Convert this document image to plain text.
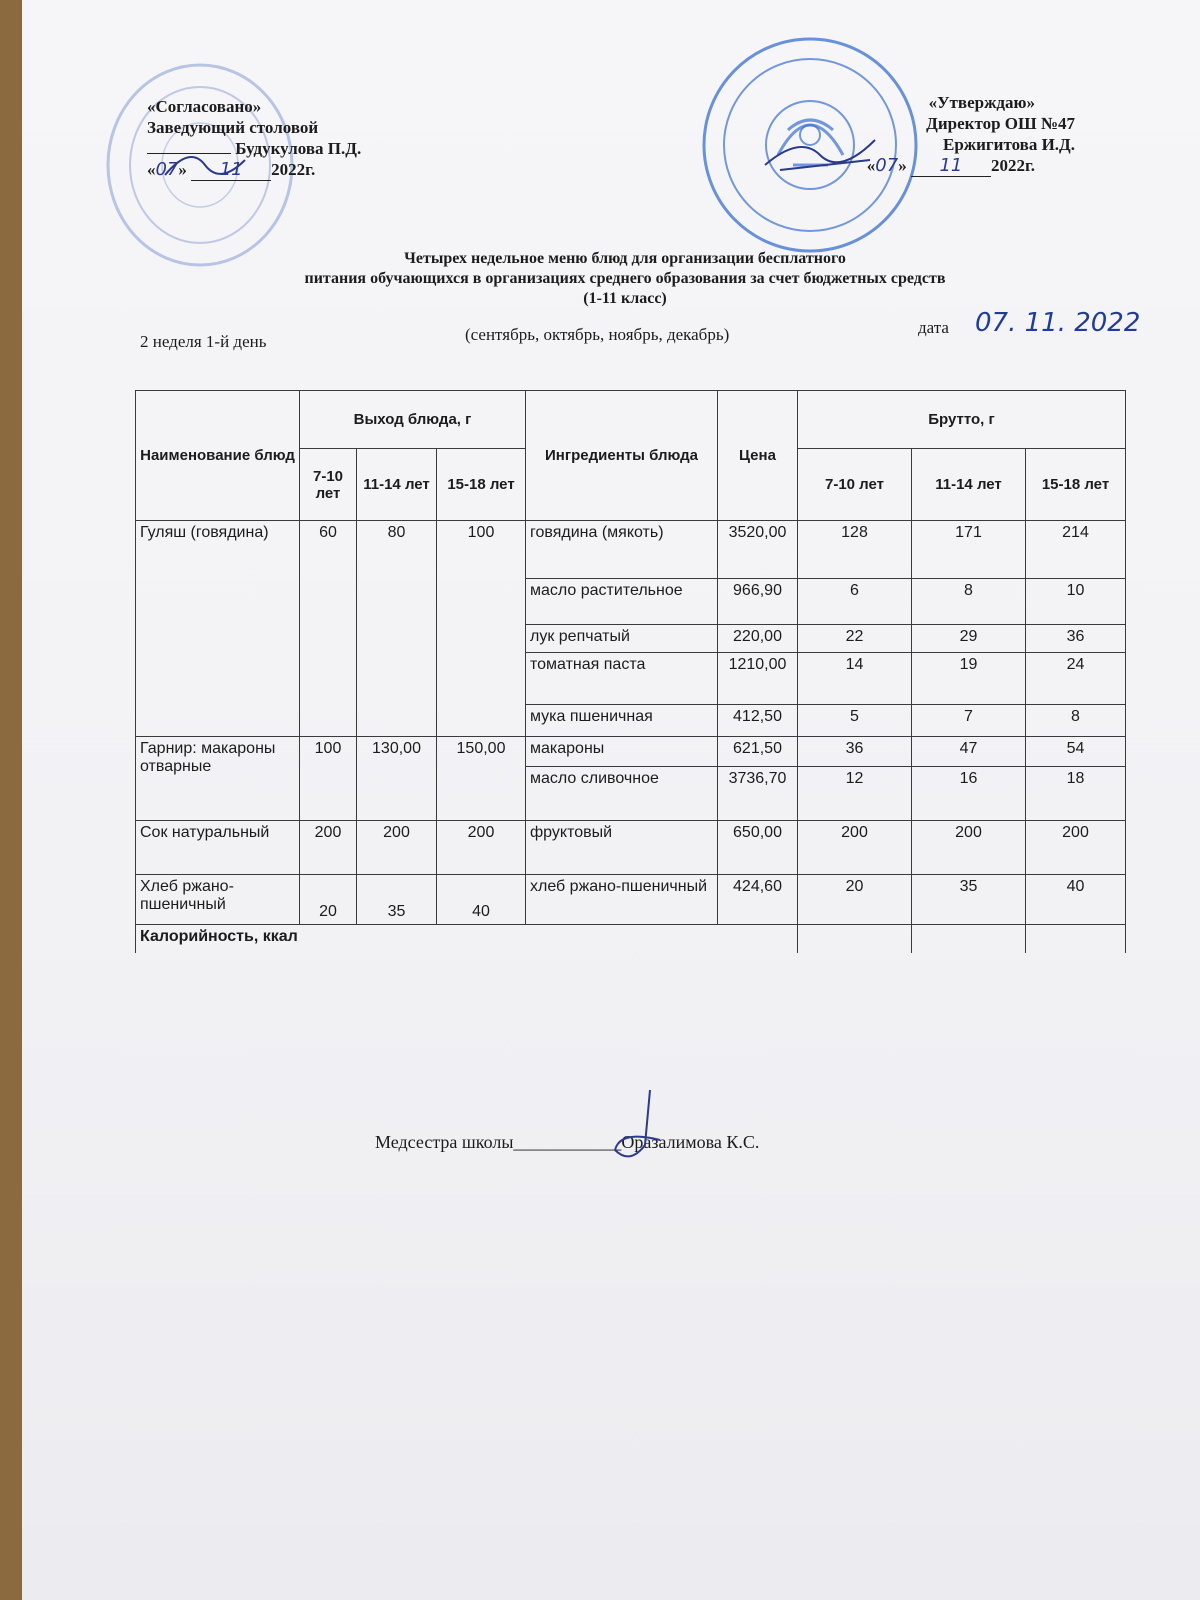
«Согласовано»
Заведующий столовой
Будукулова П.Д.
«07» 11 2022г.
«Утверждаю»
Директор ОШ №47
Ержигитова И.Д.
«07» 11 2022г.
Четырех недельное меню блюд для организации бесплатного
питания обучающихся в организациях среднего образования за счет бюджетных средств
(1-11 класс)
2 неделя 1-й день	(сентябрь, октябрь, ноябрь, декабрь)	дата 07. 11. 2022
Наименование блюд	Выход блюда, г			Ингредиенты блюда	Цена	Брутто, г		
	7-10 лет	11-14 лет	15-18 лет			7-10 лет	11-14 лет	15-18 лет
Гуляш (говядина)	60	80	100	говядина (мякоть)	3520,00	128	171	214
				масло растительное	966,90	6	8	10
				лук репчатый	220,00	22	29	36
				томатная паста	1210,00	14	19	24
				мука пшеничная	412,50	5	7	8
Гарнир: макароны отварные	100	130,00	150,00	макароны	621,50	36	47	54
				масло сливочное	3736,70	12	16	18
Сок натуральный	200	200	200	фруктовый	650,00	200	200	200
Хлеб ржано-пшеничный	20	35	40	хлеб ржано-пшеничный	424,60	20	35	40
Калорийность, ккал								
Медсестра школы____________Оразалимова К.С.
